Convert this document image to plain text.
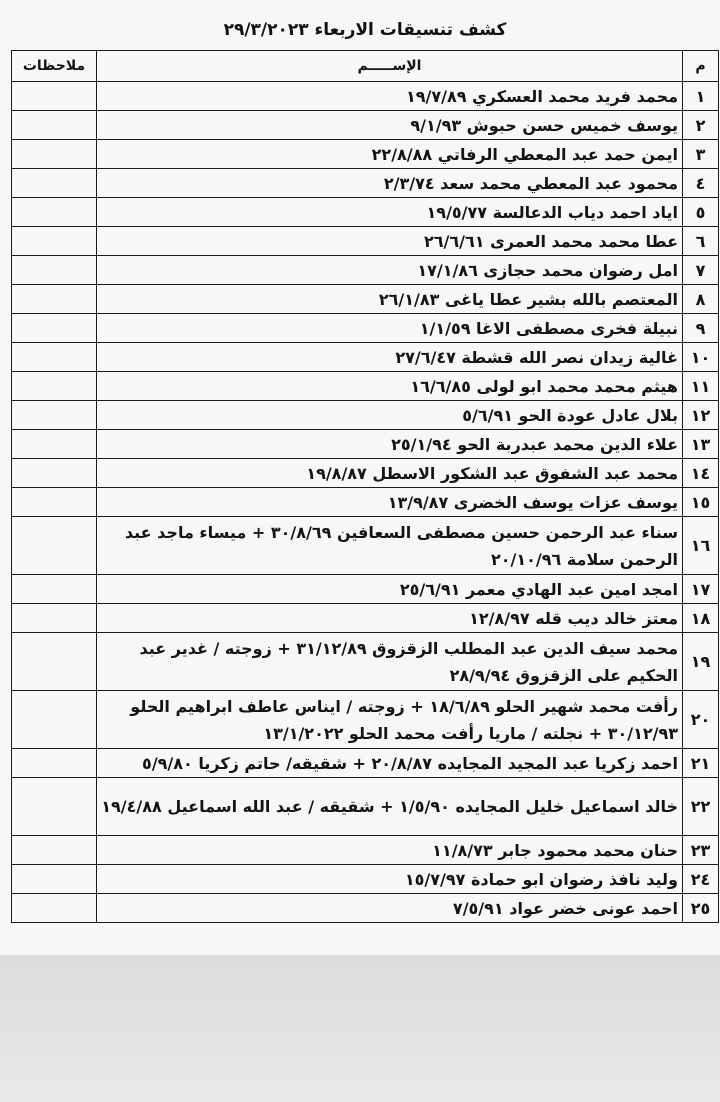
كشف تنسيقات الاربعاء ٢٩/٣/٢٠٢٣
م	الإســـــم	ملاحظات
١	محمد فريد محمد العسكري ١٩/٧/٨٩	
٢	يوسف خميس حسن حبوش ٩/١/٩٣	
٣	ايمن حمد عبد المعطي الرفاتي ٢٢/٨/٨٨	
٤	محمود عبد المعطي محمد سعد ٢/٣/٧٤	
٥	اياد احمد دياب الدعالسة ١٩/٥/٧٧	
٦	عطا محمد محمد العمرى ٢٦/٦/٦١	
٧	امل رضوان محمد حجازى ١٧/١/٨٦	
٨	المعتصم بالله بشير عطا ياغى ٢٦/١/٨٣	
٩	نبيلة فخرى مصطفى الاغا ١/١/٥٩	
١٠	غالية زيدان نصر الله قشطة ٢٧/٦/٤٧	
١١	هيثم محمد محمد ابو لولى ١٦/٦/٨٥	
١٢	بلال عادل عودة الحو ٥/٦/٩١	
١٣	علاء الدين محمد عبدربة الحو ٢٥/١/٩٤	
١٤	محمد عبد الشفوق عبد الشكور الاسطل ١٩/٨/٨٧	
١٥	يوسف عزات يوسف الخضرى ١٣/٩/٨٧	
١٦	سناء عبد الرحمن حسين مصطفى السعافين ٣٠/٨/٦٩ + ميساء ماجد عبد الرحمن سلامة ٢٠/١٠/٩٦	
١٧	امجد امين عبد الهادي معمر ٢٥/٦/٩١	
١٨	معتز خالد ديب قله ١٢/٨/٩٧	
١٩	محمد سيف الدين عبد المطلب الزقزوق ٣١/١٢/٨٩ + زوجته / غدير عبد الحكيم على الزقزوق ٢٨/٩/٩٤	
٢٠	رأفت محمد شهير الحلو ١٨/٦/٨٩ + زوجته / ايناس عاطف ابراهيم الحلو ٣٠/١٢/٩٣ + نجلته / ماريا رأفت محمد الحلو ١٣/١/٢٠٢٢	
٢١	احمد زكريا عبد المجيد المجايده ٢٠/٨/٨٧ + شقيقه/ حاتم زكريا ٥/٩/٨٠	
٢٢	خالد اسماعيل خليل المجايده ١/٥/٩٠ + شقيقه / عبد الله اسماعيل ١٩/٤/٨٨	
٢٣	حنان محمد محمود جابر ١١/٨/٧٣	
٢٤	وليد نافذ رضوان ابو حمادة ١٥/٧/٩٧	
٢٥	احمد عونى خضر عواد ٧/٥/٩١	
